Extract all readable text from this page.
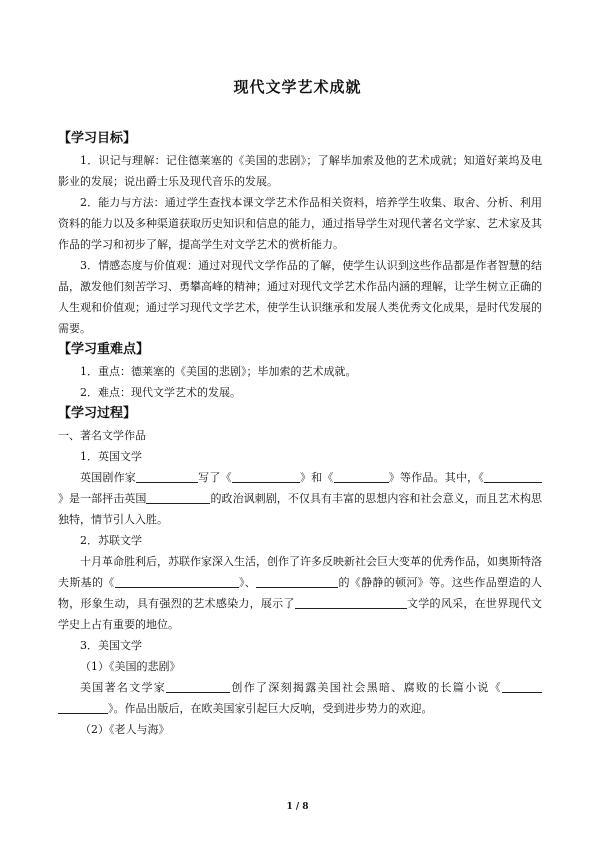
现代文学艺术成就

【学习目标】

1．识记与理解：记住德莱塞的《美国的悲剧》；了解毕加索及他的艺术成就；知道好莱坞及电影业的发展；说出爵士乐及现代音乐的发展。

2．能力与方法：通过学生查找本课文学艺术作品相关资料，培养学生收集、取舍、分析、利用资料的能力以及多种渠道获取历史知识和信息的能力，通过指导学生对现代著名文学家、艺术家及其作品的学习和初步了解，提高学生对文学艺术的赏析能力。

3．情感态度与价值观：通过对现代文学作品的了解，使学生认识到这些作品都是作者智慧的结晶，激发他们刻苦学习、勇攀高峰的精神；通过对现代文学艺术作品内涵的理解，让学生树立正确的人生观和价值观；通过学习现代文学艺术，使学生认识继承和发展人类优秀文化成果，是时代发展的需要。

【学习重难点】

1．重点：德莱塞的《美国的悲剧》；毕加索的艺术成就。

2．难点：现代文学艺术的发展。

【学习过程】

一、著名文学作品

1．英国文学

英国剧作家	写了《	》和《	》等作品。其中，《》是一部抨击英国	的政治讽刺剧，不仅具有丰富的思想内容和社会意义，而且艺术构思独特，情节引人入胜。

2．苏联文学

十月革命胜利后，苏联作家深入生活，创作了许多反映新社会巨大变革的优秀作品，如奥斯特洛夫斯基的《	》、	的《静静的顿河》等。这些作品塑造的人物，形象生动，具有强烈的艺术感染力，展示了	文学的风采，在世界现代文学史上占有重要的地位。

3．美国文学

（1）《美国的悲剧》

美国著名文学家	创作了深刻揭露美国社会黑暗、腐败的长篇小说《》。作品出版后，在欧美国家引起巨大反响，受到进步势力的欢迎。

（2）《老人与海》

1 / 8
